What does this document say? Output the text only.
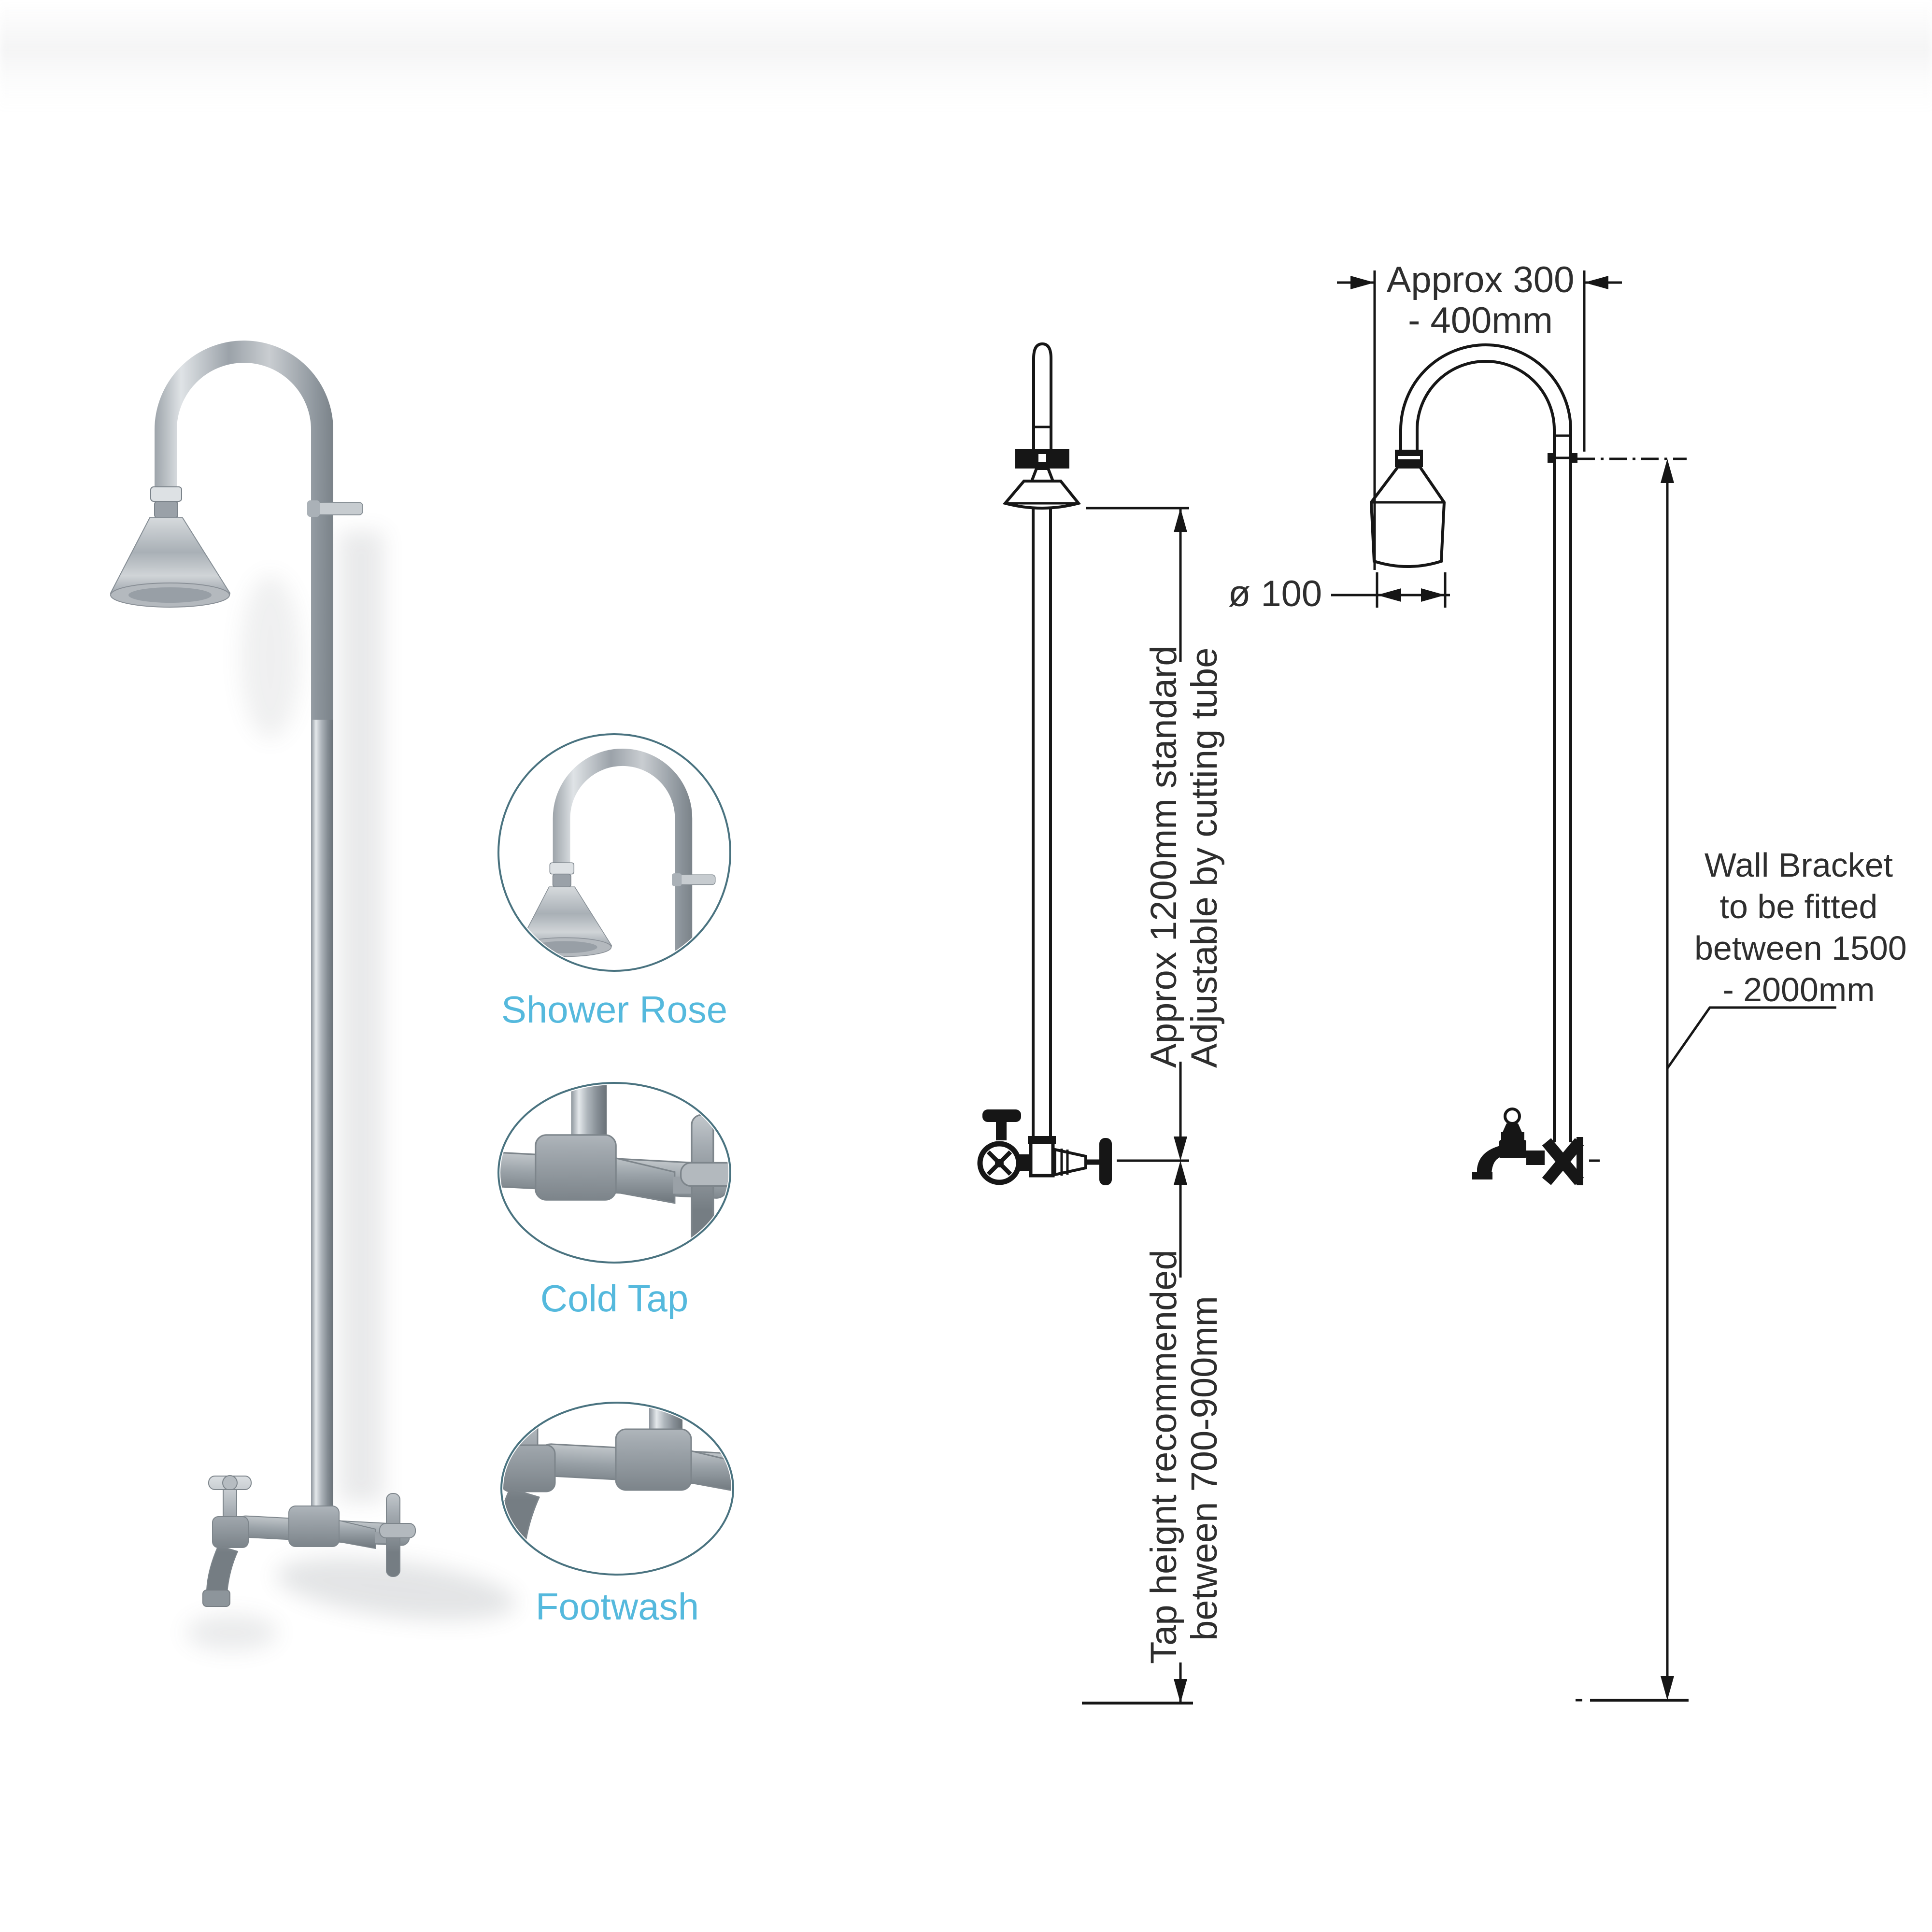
Shower Rose
Cold Tap
Footwash
Approx 300
- 400mm
ø 100
Wall Bracket
to be fitted
between 1500
- 2000mm
Approx 1200mm standard Adjustable by cutting tube
Tap heignt recommended between 700-900mm
